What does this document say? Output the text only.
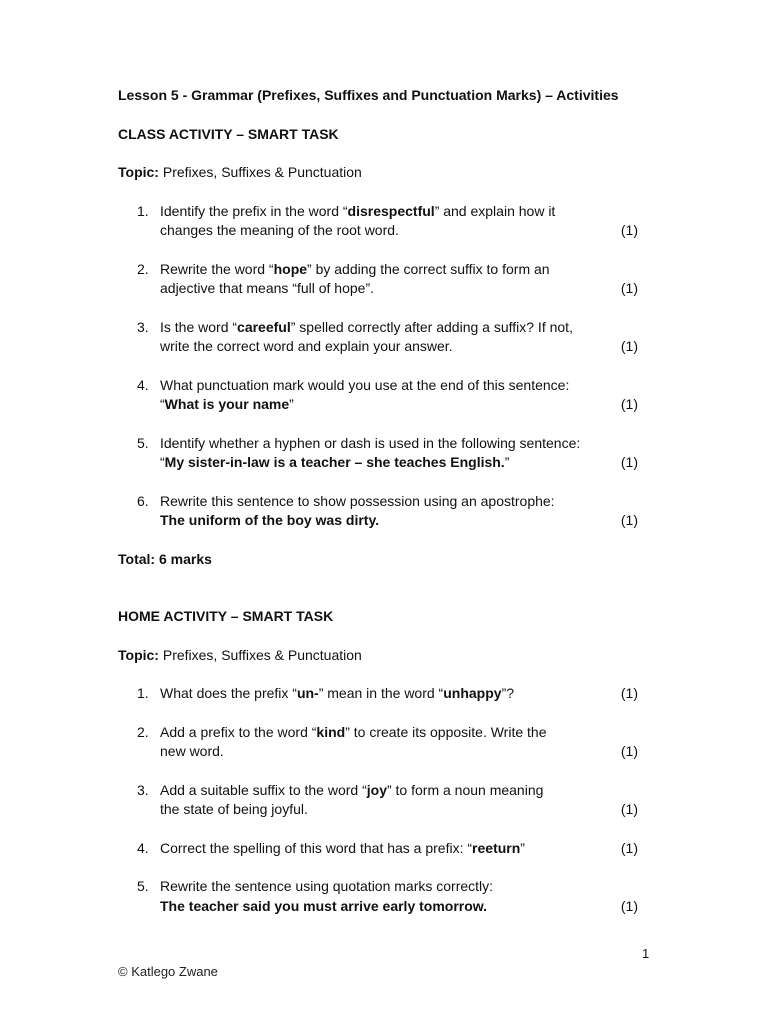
Lesson 5 - Grammar (Prefixes, Suffixes and Punctuation Marks) – Activities

CLASS ACTIVITY – SMART TASK

Topic: Prefixes, Suffixes & Punctuation

1. Identify the prefix in the word “disrespectful” and explain how it
changes the meaning of the root word.	(1)
2. Rewrite the word “hope” by adding the correct suffix to form an
adjective that means “full of hope”.	(1)
3. Is the word “careeful” spelled correctly after adding a suffix? If not,
write the correct word and explain your answer.	(1)
4. What punctuation mark would you use at the end of this sentence:
“What is your name”	(1)
5. Identify whether a hyphen or dash is used in the following sentence:
“My sister-in-law is a teacher – she teaches English.”	(1)
6. Rewrite this sentence to show possession using an apostrophe:
The uniform of the boy was dirty.	(1)

Total: 6 marks

HOME ACTIVITY – SMART TASK

Topic: Prefixes, Suffixes & Punctuation

1. What does the prefix “un-” mean in the word “unhappy”?	(1)
2. Add a prefix to the word “kind” to create its opposite. Write the
new word.	(1)
3. Add a suitable suffix to the word “joy” to form a noun meaning
the state of being joyful.	(1)
4. Correct the spelling of this word that has a prefix: “reeturn”	(1)
5. Rewrite the sentence using quotation marks correctly:
The teacher said you must arrive early tomorrow.	(1)
1
© Katlego Zwane
